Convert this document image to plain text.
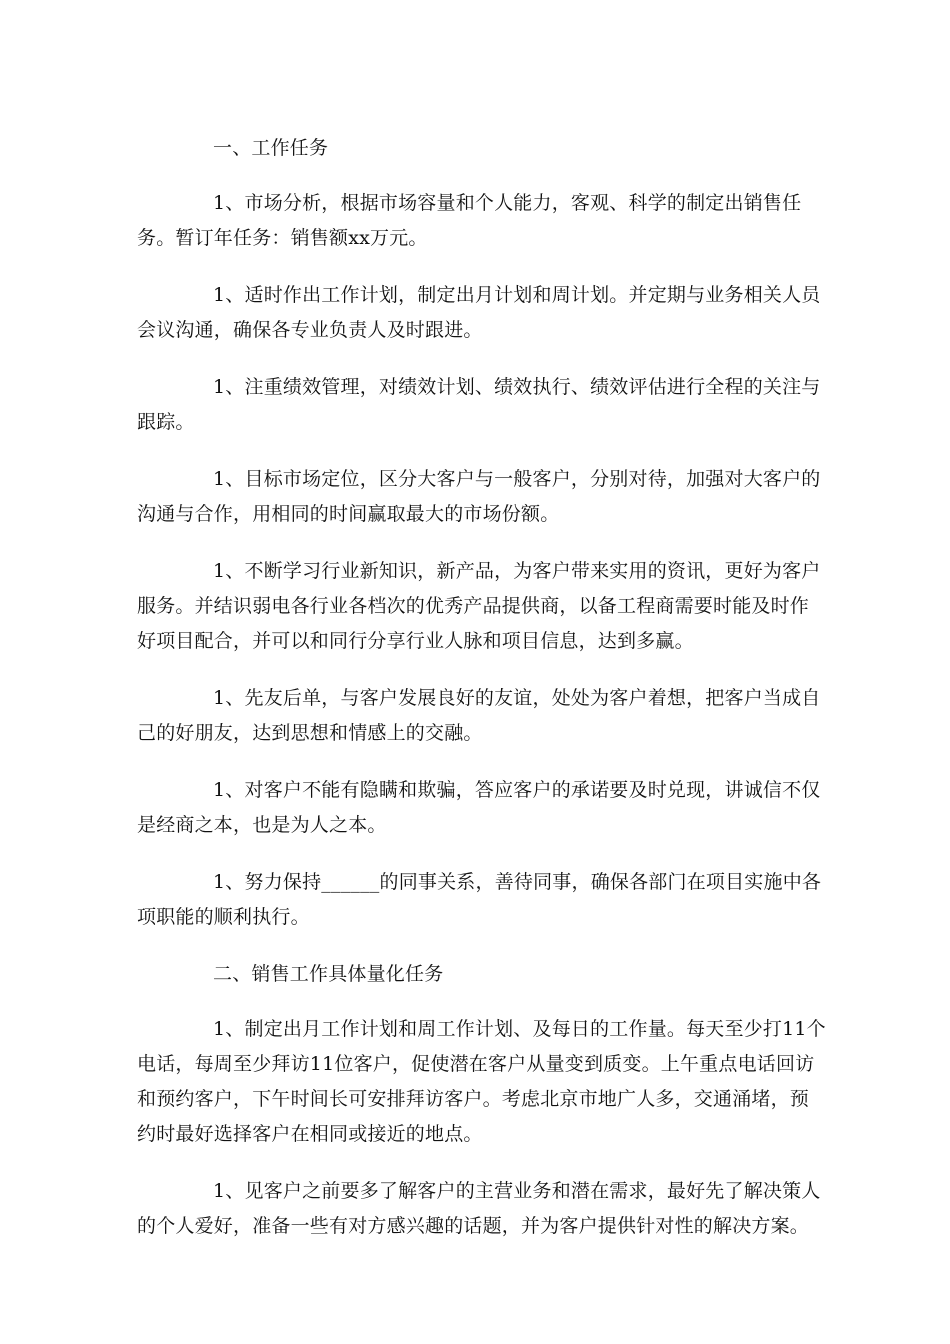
一、工作任务

1、市场分析，根据市场容量和个人能力，客观、科学的制定出销售任务。暂订年任务：销售额xx万元。

1、适时作出工作计划，制定出月计划和周计划。并定期与业务相关人员会议沟通，确保各专业负责人及时跟进。

1、注重绩效管理，对绩效计划、绩效执行、绩效评估进行全程的关注与跟踪。

1、目标市场定位，区分大客户与一般客户，分别对待，加强对大客户的沟通与合作，用相同的时间赢取最大的市场份额。

1、不断学习行业新知识，新产品，为客户带来实用的资讯，更好为客户服务。并结识弱电各行业各档次的优秀产品提供商，以备工程商需要时能及时作好项目配合，并可以和同行分享行业人脉和项目信息，达到多赢。

1、先友后单，与客户发展良好的友谊，处处为客户着想，把客户当成自己的好朋友，达到思想和情感上的交融。

1、对客户不能有隐瞒和欺骗，答应客户的承诺要及时兑现，讲诚信不仅是经商之本，也是为人之本。

1、努力保持______的同事关系，善待同事，确保各部门在项目实施中各项职能的顺利执行。

二、销售工作具体量化任务

1、制定出月工作计划和周工作计划、及每日的工作量。每天至少打11个电话，每周至少拜访11位客户，促使潜在客户从量变到质变。上午重点电话回访和预约客户，下午时间长可安排拜访客户。考虑北京市地广人多，交通涌堵，预约时最好选择客户在相同或接近的地点。

1、见客户之前要多了解客户的主营业务和潜在需求，最好先了解决策人的个人爱好，准备一些有对方感兴趣的话题，并为客户提供针对性的解决方案。
